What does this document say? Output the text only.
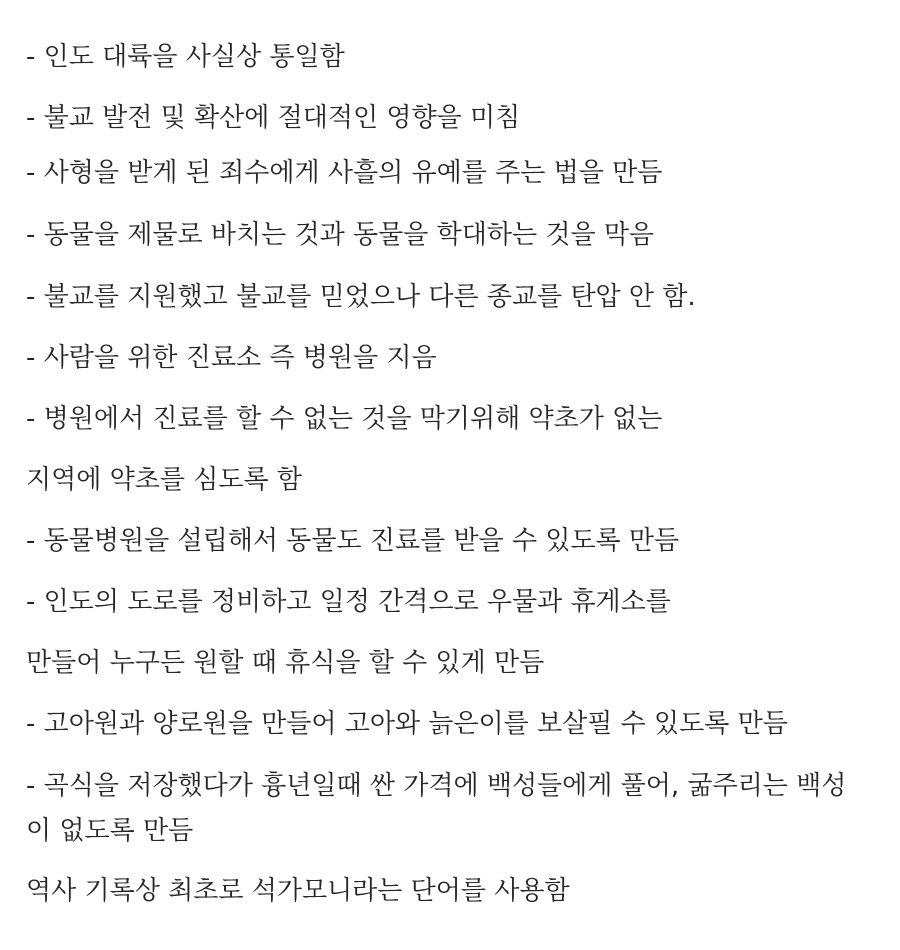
- 인도 대륙을 사실상 통일함
- 불교 발전 및 확산에 절대적인 영향을 미침
- 사형을 받게 된 죄수에게 사흘의 유예를 주는 법을 만듬
- 동물을 제물로 바치는 것과 동물을 학대하는 것을 막음
- 불교를 지원했고 불교를 믿었으나 다른 종교를 탄압 안 함.
- 사람을 위한 진료소 즉 병원을 지음
- 병원에서 진료를 할 수 없는 것을 막기위해 약초가 없는
지역에 약초를 심도록 함
- 동물병원을 설립해서 동물도 진료를 받을 수 있도록 만듬
- 인도의 도로를 정비하고 일정 간격으로 우물과 휴게소를
만들어 누구든 원할 때 휴식을 할 수 있게 만듬
- 고아원과 양로원을 만들어 고아와 늙은이를 보살필 수 있도록 만듬
- 곡식을 저장했다가 흉년일때 싼 가격에 백성들에게 풀어, 굶주리는 백성
이 없도록 만듬
역사 기록상 최초로 석가모니라는 단어를 사용함
